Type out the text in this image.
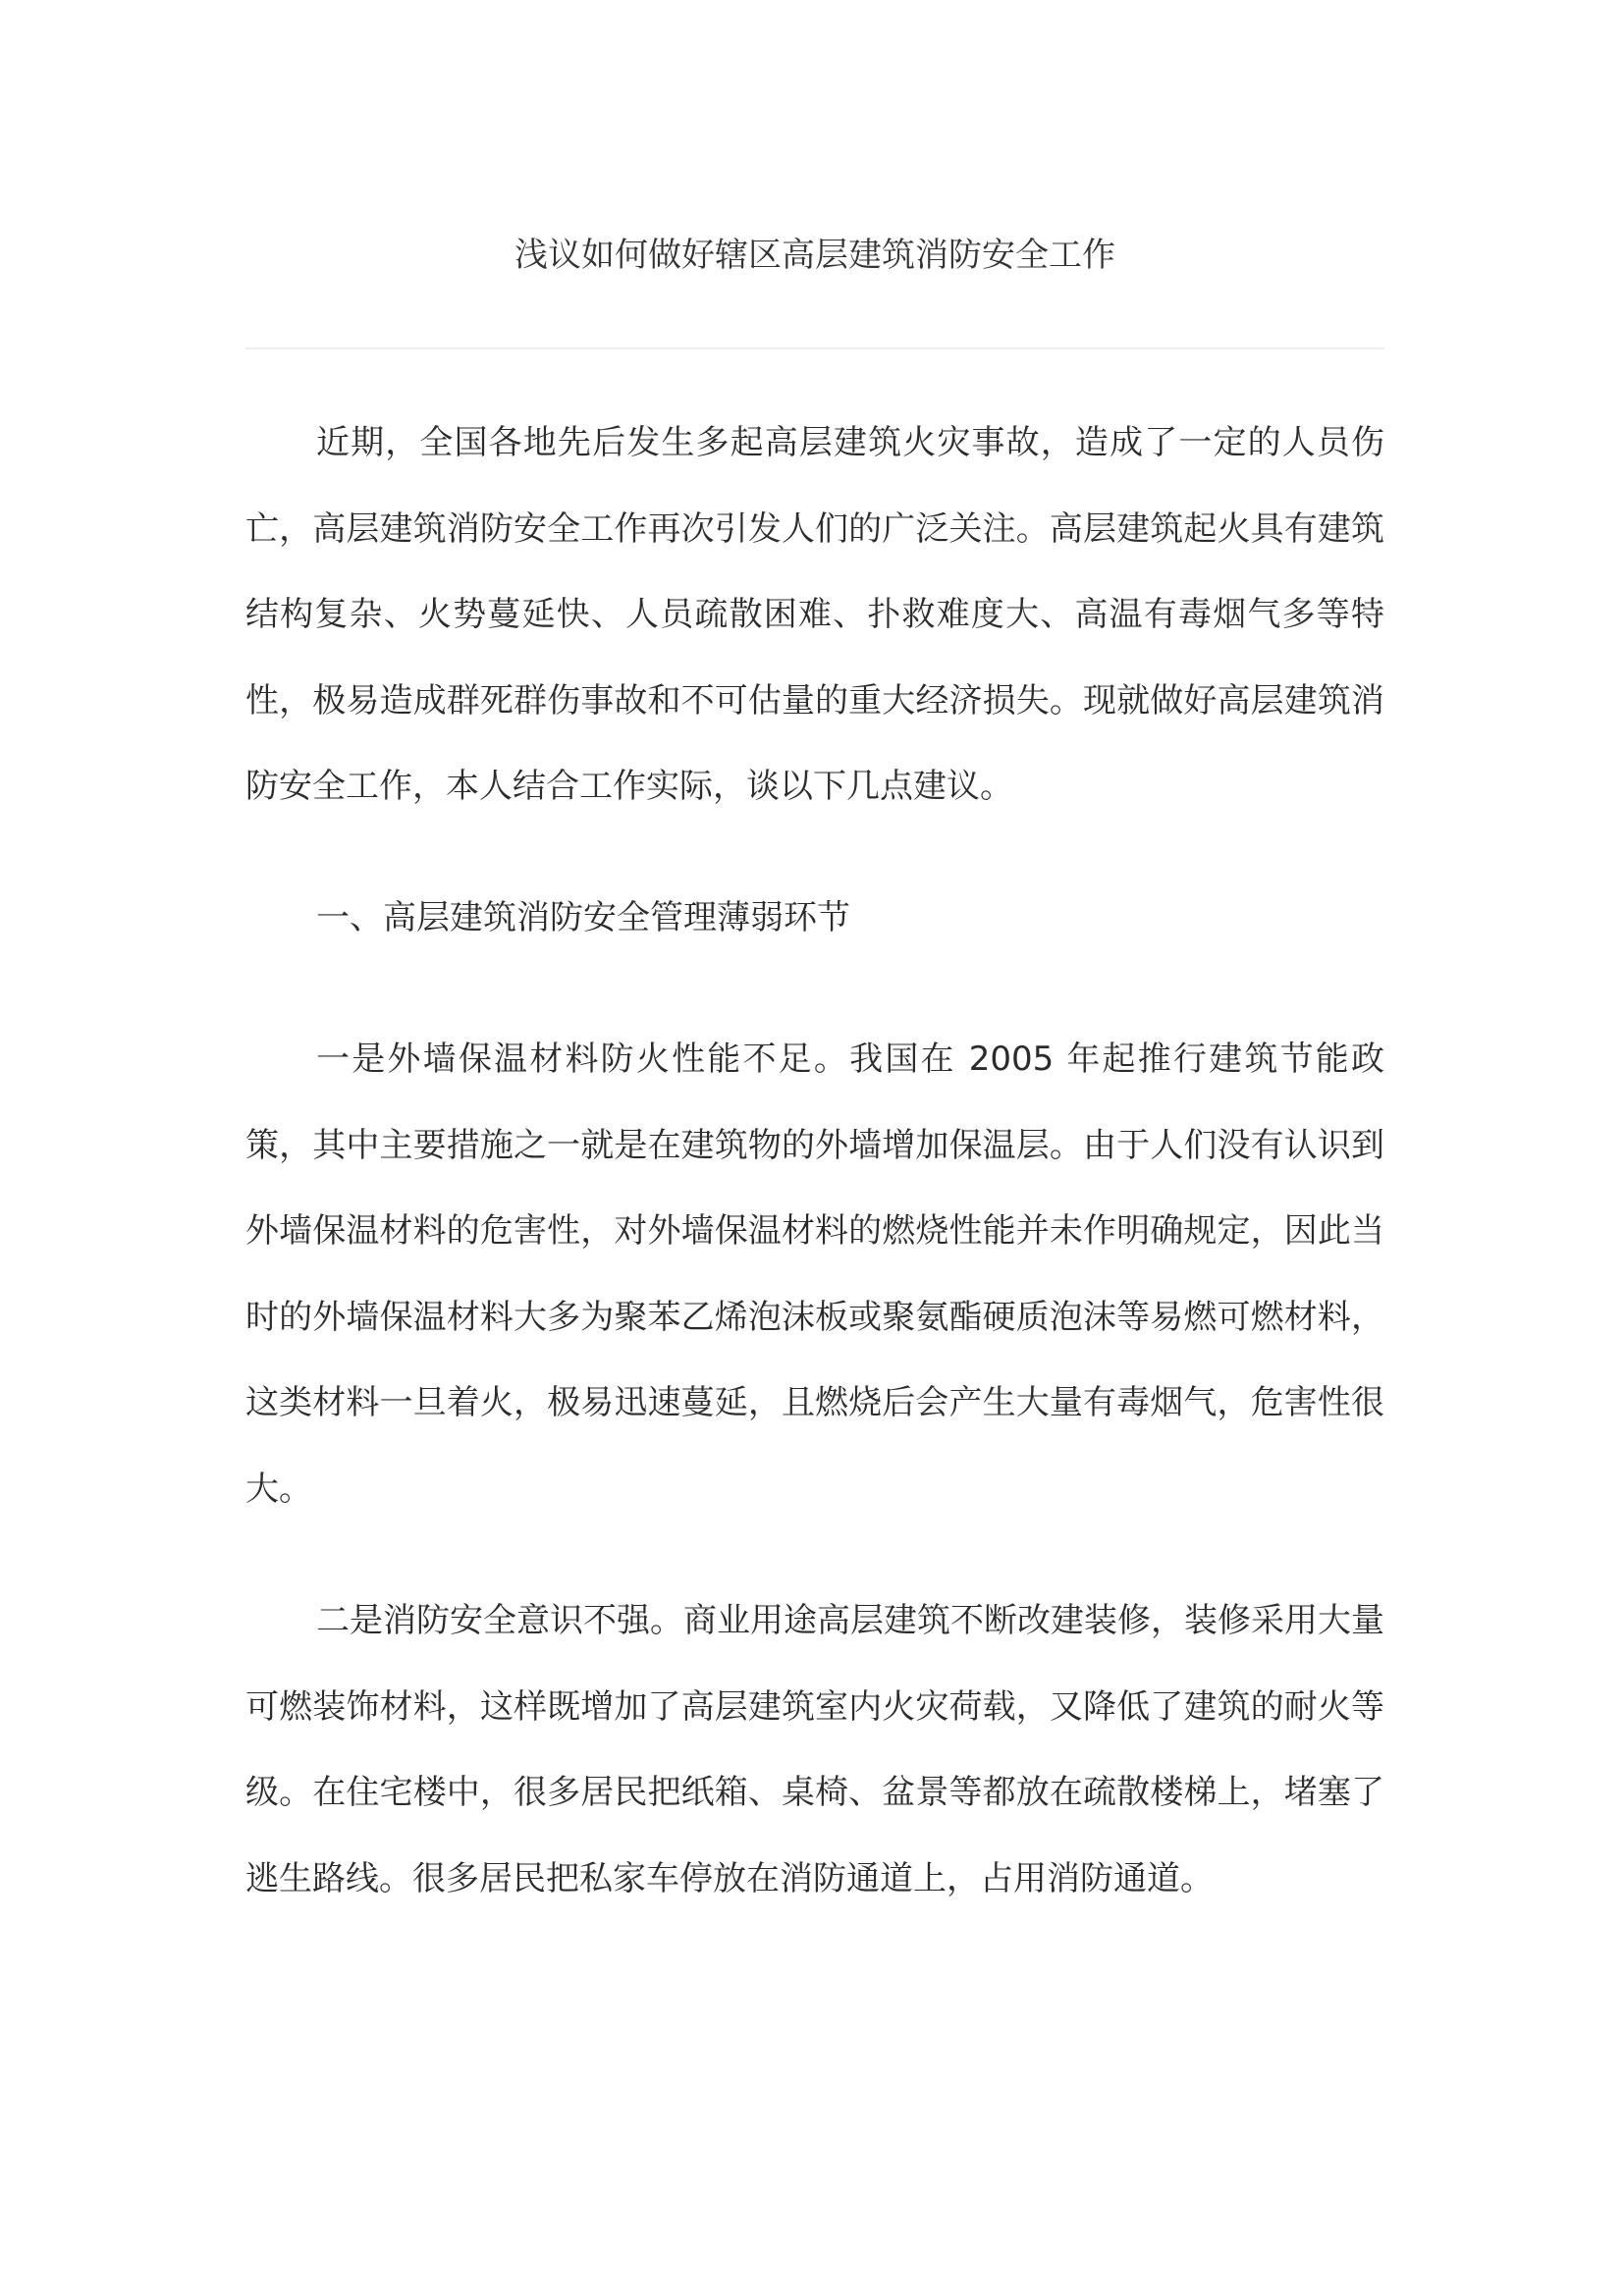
浅议如何做好辖区高层建筑消防安全工作

近期，全国各地先后发生多起高层建筑火灾事故，造成了一定的人员伤亡，高层建筑消防安全工作再次引发人们的广泛关注。高层建筑起火具有建筑结构复杂、火势蔓延快、人员疏散困难、扑救难度大、高温有毒烟气多等特性，极易造成群死群伤事故和不可估量的重大经济损失。现就做好高层建筑消防安全工作，本人结合工作实际，谈以下几点建议。

一、高层建筑消防安全管理薄弱环节

一是外墙保温材料防火性能不足。我国在 2005 年起推行建筑节能政策，其中主要措施之一就是在建筑物的外墙增加保温层。由于人们没有认识到外墙保温材料的危害性，对外墙保温材料的燃烧性能并未作明确规定，因此当时的外墙保温材料大多为聚苯乙烯泡沫板或聚氨酯硬质泡沫等易燃可燃材料，这类材料一旦着火，极易迅速蔓延，且燃烧后会产生大量有毒烟气，危害性很大。

二是消防安全意识不强。商业用途高层建筑不断改建装修，装修采用大量可燃装饰材料，这样既增加了高层建筑室内火灾荷载，又降低了建筑的耐火等级。在住宅楼中，很多居民把纸箱、桌椅、盆景等都放在疏散楼梯上，堵塞了逃生路线。很多居民把私家车停放在消防通道上，占用消防通道。
